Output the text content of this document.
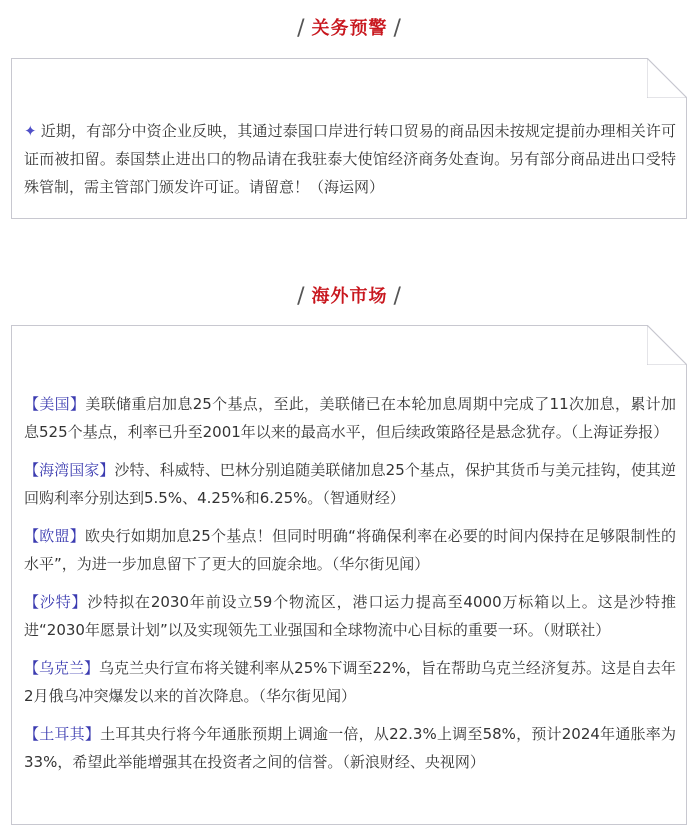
/ 关务预警 /

✦ 近期，有部分中资企业反映，其通过泰国口岸进行转口贸易的商品因未按规定提前办理相关许可证而被扣留。泰国禁止进出口的物品请在我驻泰大使馆经济商务处查询。另有部分商品进出口受特殊管制，需主管部门颁发许可证。请留意！（海运网）

/ 海外市场 /

【美国】美联储重启加息25个基点，至此，美联储已在本轮加息周期中完成了11次加息，累计加息525个基点，利率已升至2001年以来的最高水平，但后续政策路径是悬念犹存。（上海证券报）

【海湾国家】沙特、科威特、巴林分别追随美联储加息25个基点，保护其货币与美元挂钩，使其逆回购利率分别达到5.5%、4.25%和6.25%。（智通财经）

【欧盟】欧央行如期加息25个基点！但同时明确“将确保利率在必要的时间内保持在足够限制性的水平”，为进一步加息留下了更大的回旋余地。（华尔街见闻）

【沙特】沙特拟在2030年前设立59个物流区，港口运力提高至4000万标箱以上。这是沙特推进“2030年愿景计划”以及实现领先工业强国和全球物流中心目标的重要一环。（财联社）

【乌克兰】乌克兰央行宣布将关键利率从25%下调至22%，旨在帮助乌克兰经济复苏。这是自去年2月俄乌冲突爆发以来的首次降息。（华尔街见闻）

【土耳其】土耳其央行将今年通胀预期上调逾一倍，从22.3%上调至58%，预计2024年通胀率为33%，希望此举能增强其在投资者之间的信誉。（新浪财经、央视网）
